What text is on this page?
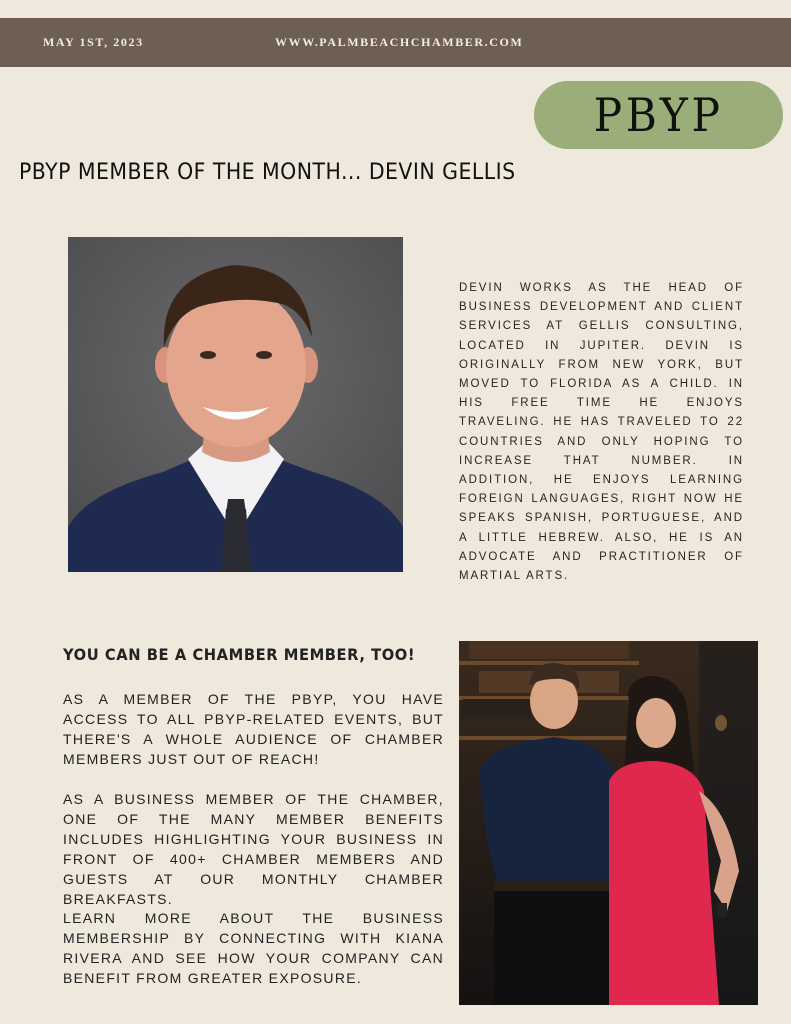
MAY 1ST, 2023	WWW.PALMBEACHCHAMBER.COM
PBYP
PBYP MEMBER OF THE MONTH... DEVIN GELLIS

DEVIN WORKS AS THE HEAD OF BUSINESS DEVELOPMENT AND CLIENT SERVICES AT GELLIS CONSULTING, LOCATED IN JUPITER. DEVIN IS ORIGINALLY FROM NEW YORK, BUT MOVED TO FLORIDA AS A CHILD. IN HIS FREE TIME HE ENJOYS TRAVELING. HE HAS TRAVELED TO 22 COUNTRIES AND ONLY HOPING TO INCREASE THAT NUMBER. IN ADDITION, HE ENJOYS LEARNING FOREIGN LANGUAGES, RIGHT NOW HE SPEAKS SPANISH, PORTUGUESE, AND A LITTLE HEBREW. ALSO, HE IS AN ADVOCATE AND PRACTITIONER OF MARTIAL ARTS.

YOU CAN BE A CHAMBER MEMBER, TOO!

AS A MEMBER OF THE PBYP, YOU HAVE ACCESS TO ALL PBYP-RELATED EVENTS, BUT THERE'S A WHOLE AUDIENCE OF CHAMBER MEMBERS JUST OUT OF REACH!

AS A BUSINESS MEMBER OF THE CHAMBER, ONE OF THE MANY MEMBER BENEFITS INCLUDES HIGHLIGHTING YOUR BUSINESS IN FRONT OF 400+ CHAMBER MEMBERS AND GUESTS AT OUR MONTHLY CHAMBER BREAKFASTS.

LEARN MORE ABOUT THE BUSINESS MEMBERSHIP BY CONNECTING WITH KIANA RIVERA AND SEE HOW YOUR COMPANY CAN BENEFIT FROM GREATER EXPOSURE.
